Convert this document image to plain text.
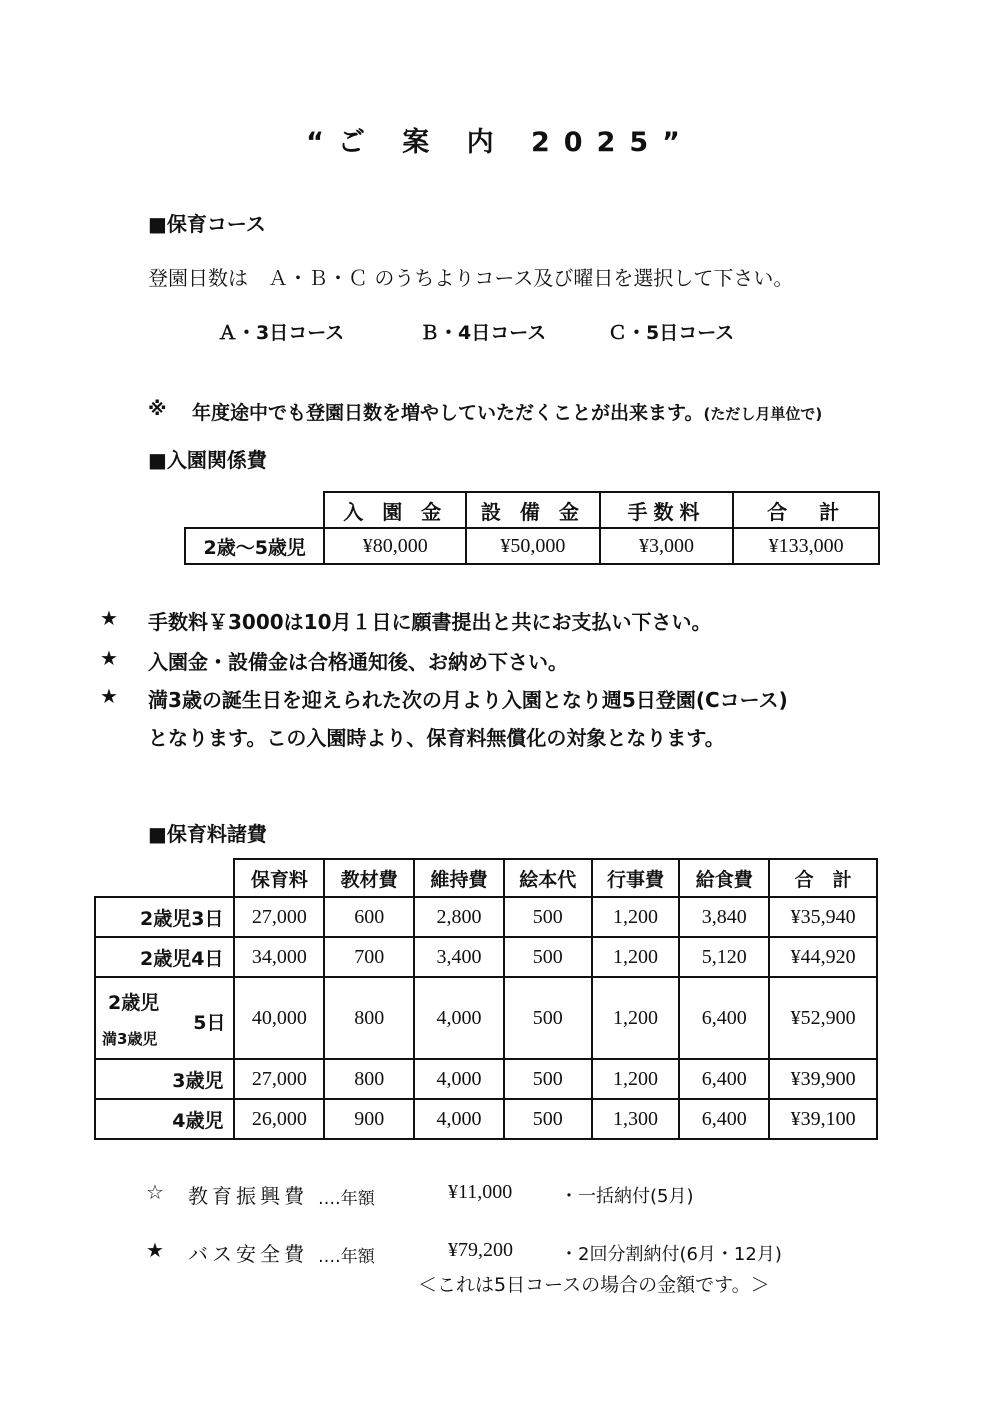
“ご 案 内 2025”
■保育コース
登園日数は　Ａ・Ｂ・Ｃ のうちよりコース及び曜日を選択して下さい。
Ａ・3日コース	Ｂ・4日コース	Ｃ・5日コース
※ 年度途中でも登園日数を増やしていただくことが出来ます。(ただし月単位で)
■入園関係費
	入 園 金	設 備 金	手数料	合　計
2歳～5歳児	¥80,000	¥50,000	¥3,000	¥133,000
★ 手数料￥3000は10月１日に願書提出と共にお支払い下さい。
★ 入園金・設備金は合格通知後、お納め下さい。
★ 満3歳の誕生日を迎えられた次の月より入園となり週5日登園(Cコース)
となります。この入園時より、保育料無償化の対象となります。
■保育料諸費
	保育料	教材費	維持費	絵本代	行事費	給食費	合　計
2歳児3日	27,000	600	2,800	500	1,200	3,840	¥35,940
2歳児4日	34,000	700	3,400	500	1,200	5,120	¥44,920

2歳児
5日
満3歳児	40,000	800	4,000	500	1,200	6,400	¥52,900
3歳児	27,000	800	4,000	500	1,200	6,400	¥39,900
4歳児	26,000	900	4,000	500	1,300	6,400	¥39,100
☆ 教育振興費 ‥‥年額	¥11,000	・一括納付(5月)
★ バス安全費 ‥‥年額	¥79,200	・2回分割納付(6月・12月)
＜これは5日コースの場合の金額です。＞
